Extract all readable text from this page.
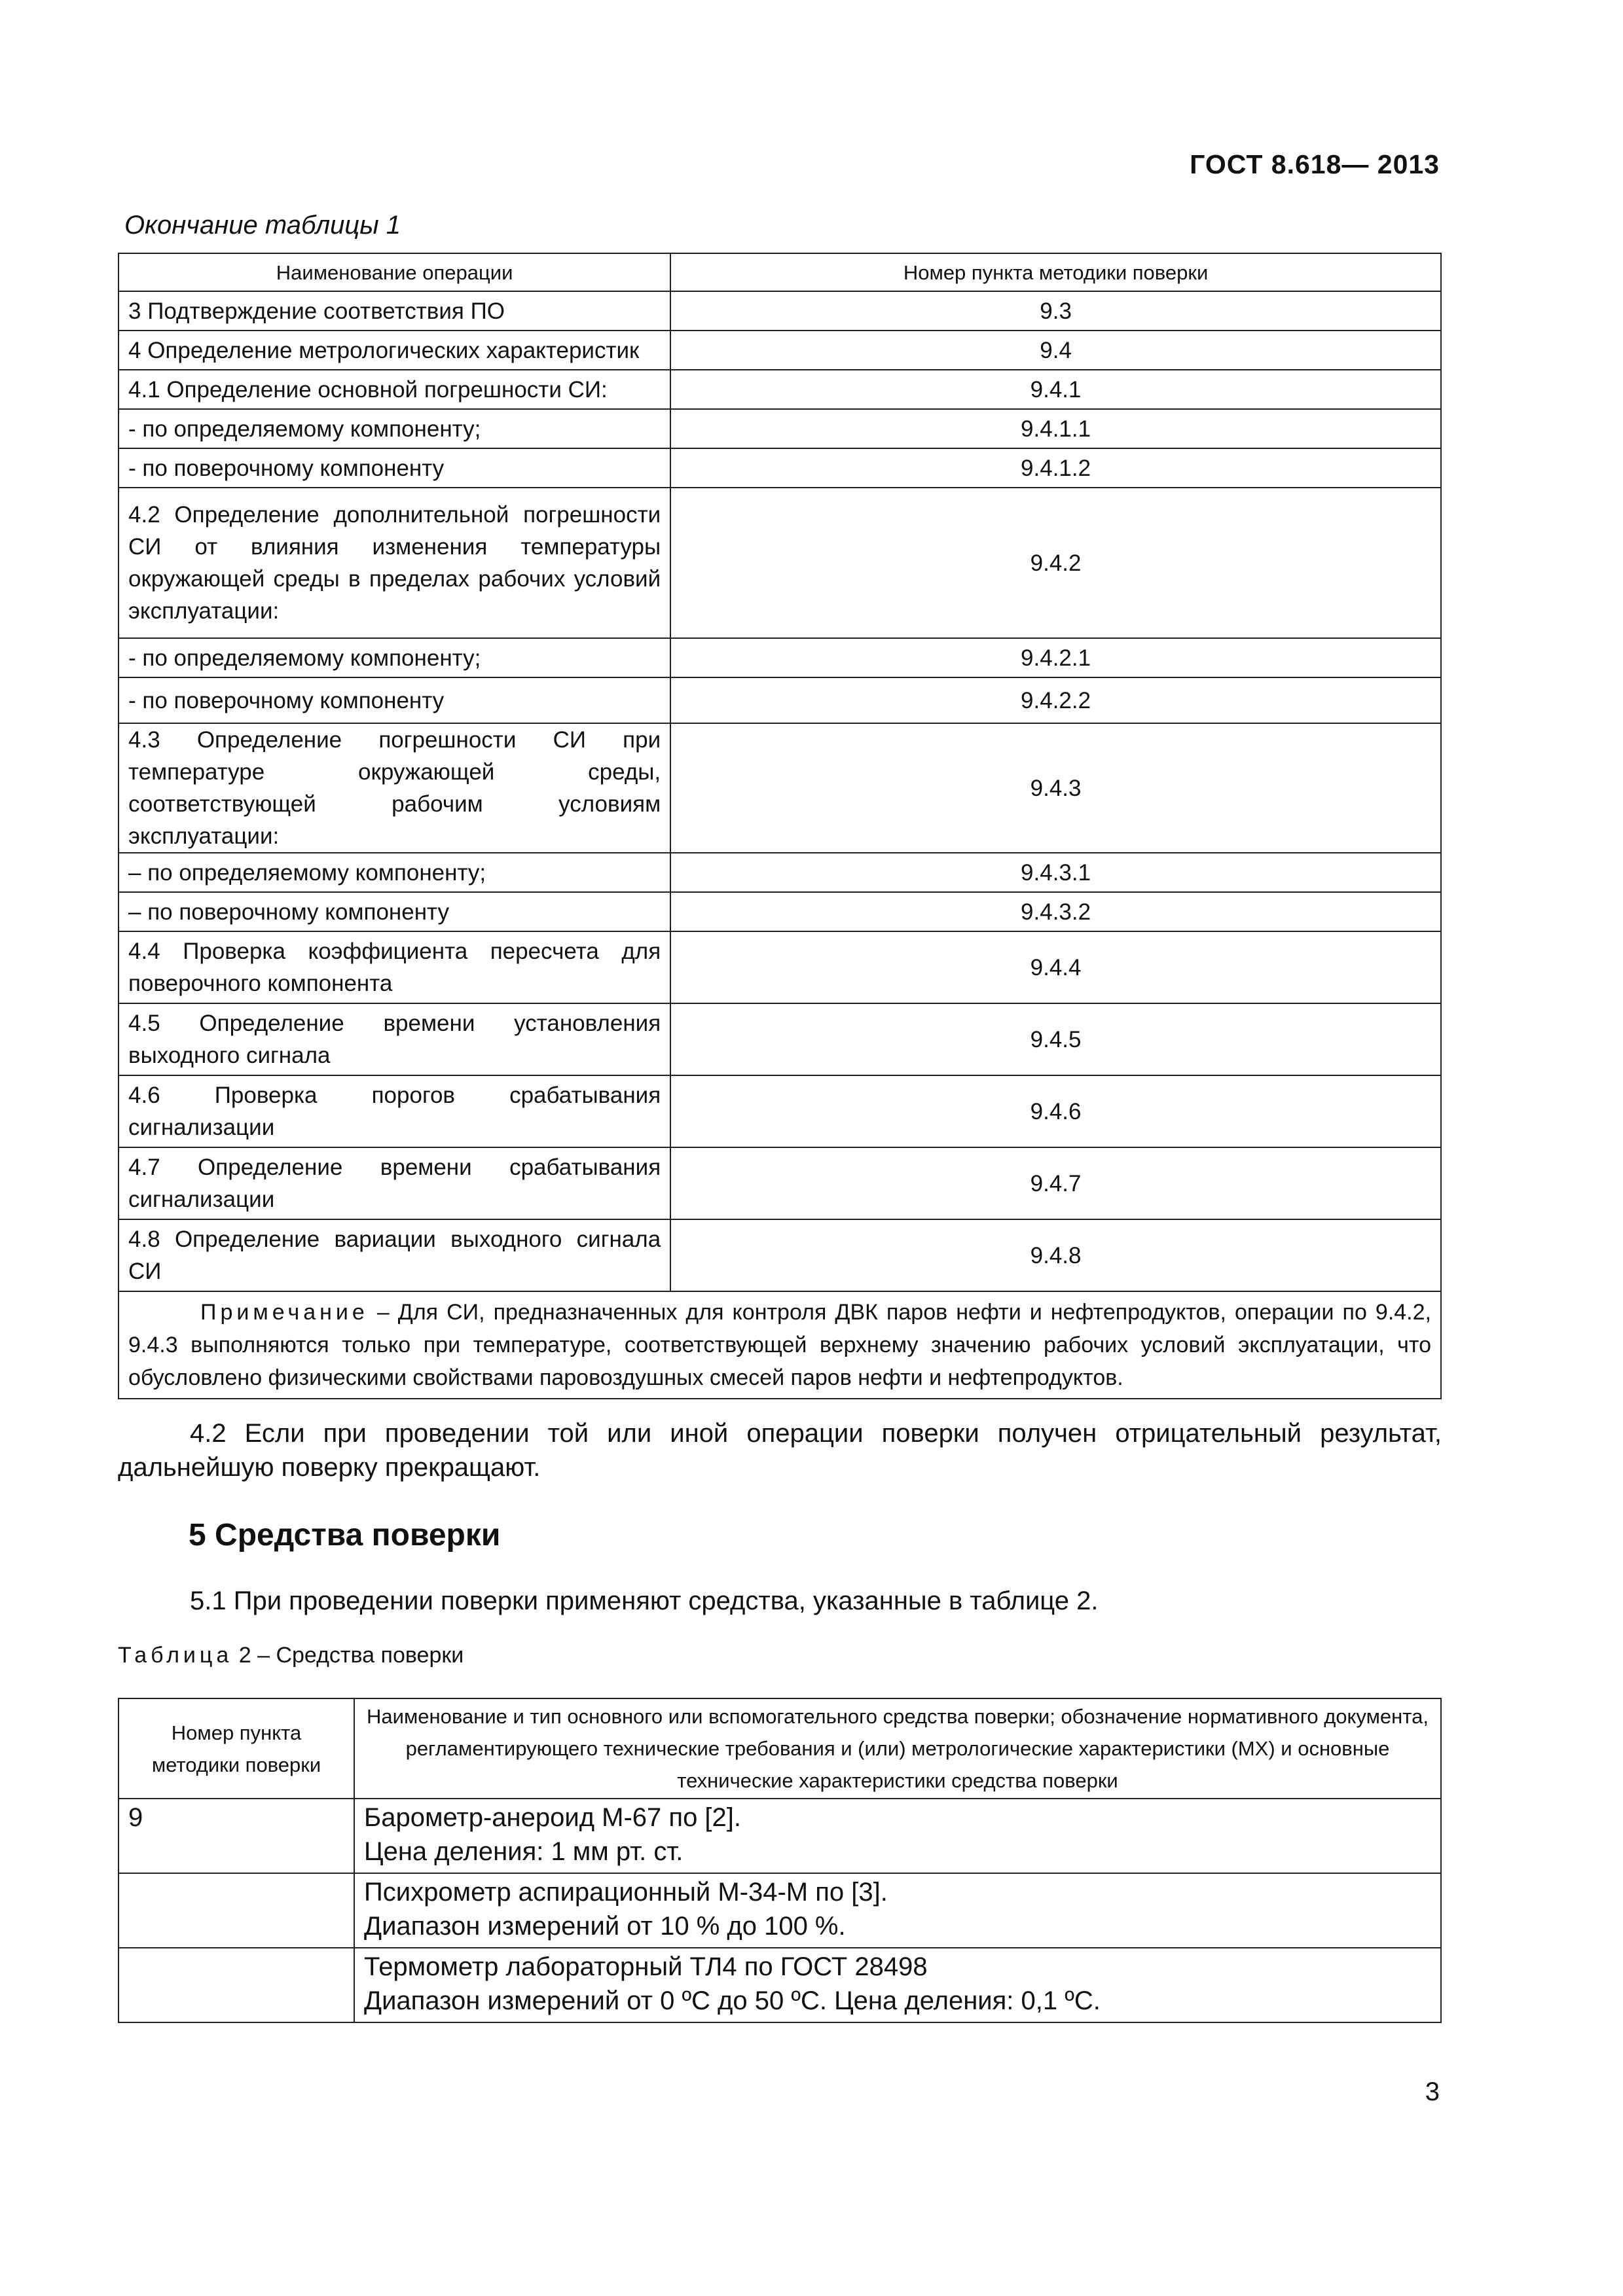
ГОСТ 8.618— 2013
Окончание таблицы 1
Наименование операции	Номер пункта методики поверки
3 Подтверждение соответствия ПО	9.3
4 Определение метрологических характеристик	9.4
4.1 Определение основной погрешности СИ:	9.4.1
- по определяемому компоненту;	9.4.1.1
- по поверочному компоненту	9.4.1.2
4.2 Определение дополнительной погрешности СИ от влияния изменения температуры окружающей среды в пределах рабочих условий эксплуатации:	9.4.2
- по определяемому компоненту;	9.4.2.1
- по поверочному компоненту	9.4.2.2
4.3 Определение погрешности СИ при температуре окружающей среды, соответствующей рабочим условиям эксплуатации:	9.4.3
– по определяемому компоненту;	9.4.3.1
– по поверочному компоненту	9.4.3.2
4.4 Проверка коэффициента пересчета для поверочного компонента	9.4.4
4.5 Определение времени установления выходного сигнала	9.4.5
4.6 Проверка порогов срабатывания сигнализации	9.4.6
4.7 Определение времени срабатывания сигнализации	9.4.7
4.8 Определение вариации выходного сигнала СИ	9.4.8
Примечание – Для СИ, предназначенных для контроля ДВК паров нефти и нефтепродуктов, операции по 9.4.2, 9.4.3 выполняются только при температуре, соответствующей верхнему значению рабочих условий эксплуатации, что обусловлено физическими свойствами паровоздушных смесей паров нефти и нефтепродуктов.	
4.2 Если при проведении той или иной операции поверки получен отрицательный результат, дальнейшую поверку прекращают.
5 Средства поверки
5.1 При проведении поверки применяют средства, указанные в таблице 2.
Таблица 2 – Средства поверки
Номер пункта методики поверки	Наименование и тип основного или вспомогательного средства поверки; обозначение нормативного документа, регламентирующего технические требования и (или) метрологические характеристики (МХ) и основные технические характеристики средства поверки
9	Барометр-анероид М-67 по [2].
Цена деления: 1 мм рт. ст.

	Психрометр аспирационный М-34-М по [3].
Диапазон измерений от 10 % до 100 %.

	Термометр лабораторный ТЛ4 по ГОСТ 28498
Диапазон измерений от 0 ºС до 50 ºС. Цена деления: 0,1 ºС.
3
